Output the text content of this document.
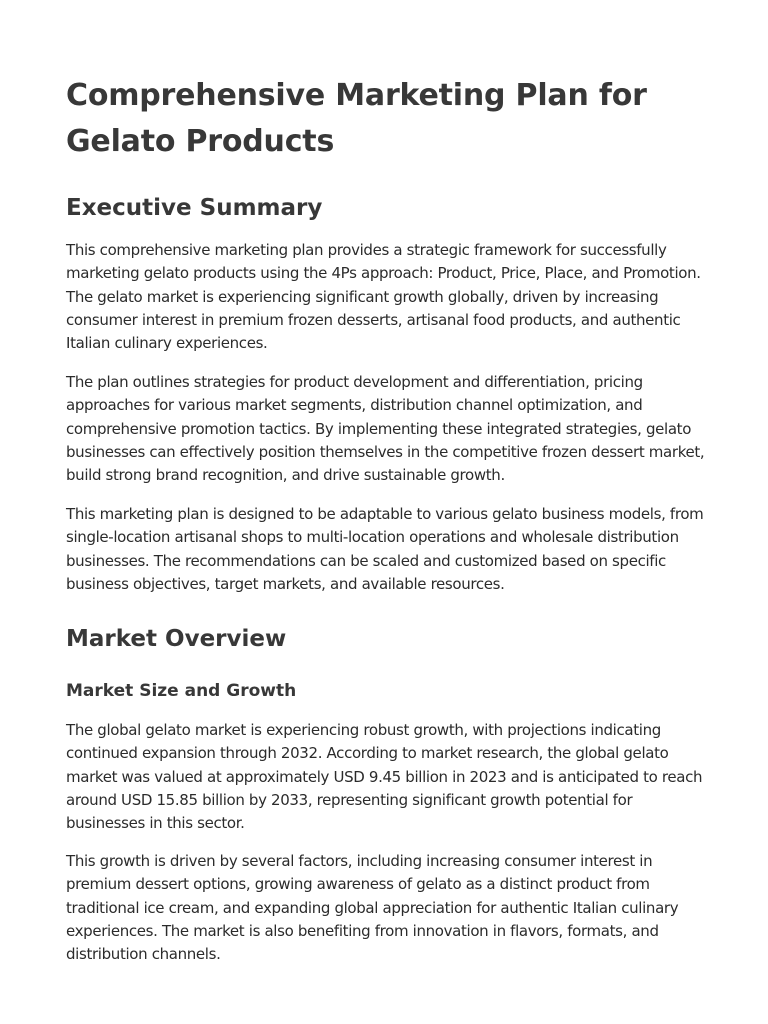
Comprehensive Marketing Plan for Gelato Products
Executive Summary

This comprehensive marketing plan provides a strategic framework for successfully marketing gelato products using the 4Ps approach: Product, Price, Place, and Promotion. The gelato market is experiencing significant growth globally, driven by increasing consumer interest in premium frozen desserts, artisanal food products, and authentic Italian culinary experiences.

The plan outlines strategies for product development and differentiation, pricing approaches for various market segments, distribution channel optimization, and comprehensive promotion tactics. By implementing these integrated strategies, gelato businesses can effectively position themselves in the competitive frozen dessert market, build strong brand recognition, and drive sustainable growth.

This marketing plan is designed to be adaptable to various gelato business models, from single-location artisanal shops to multi-location operations and wholesale distribution businesses. The recommendations can be scaled and customized based on specific business objectives, target markets, and available resources.

Market Overview
Market Size and Growth

The global gelato market is experiencing robust growth, with projections indicating continued expansion through 2032. According to market research, the global gelato market was valued at approximately USD 9.45 billion in 2023 and is anticipated to reach around USD 15.85 billion by 2033, representing significant growth potential for businesses in this sector.

This growth is driven by several factors, including increasing consumer interest in premium dessert options, growing awareness of gelato as a distinct product from traditional ice cream, and expanding global appreciation for authentic Italian culinary experiences. The market is also benefiting from innovation in flavors, formats, and distribution channels.
